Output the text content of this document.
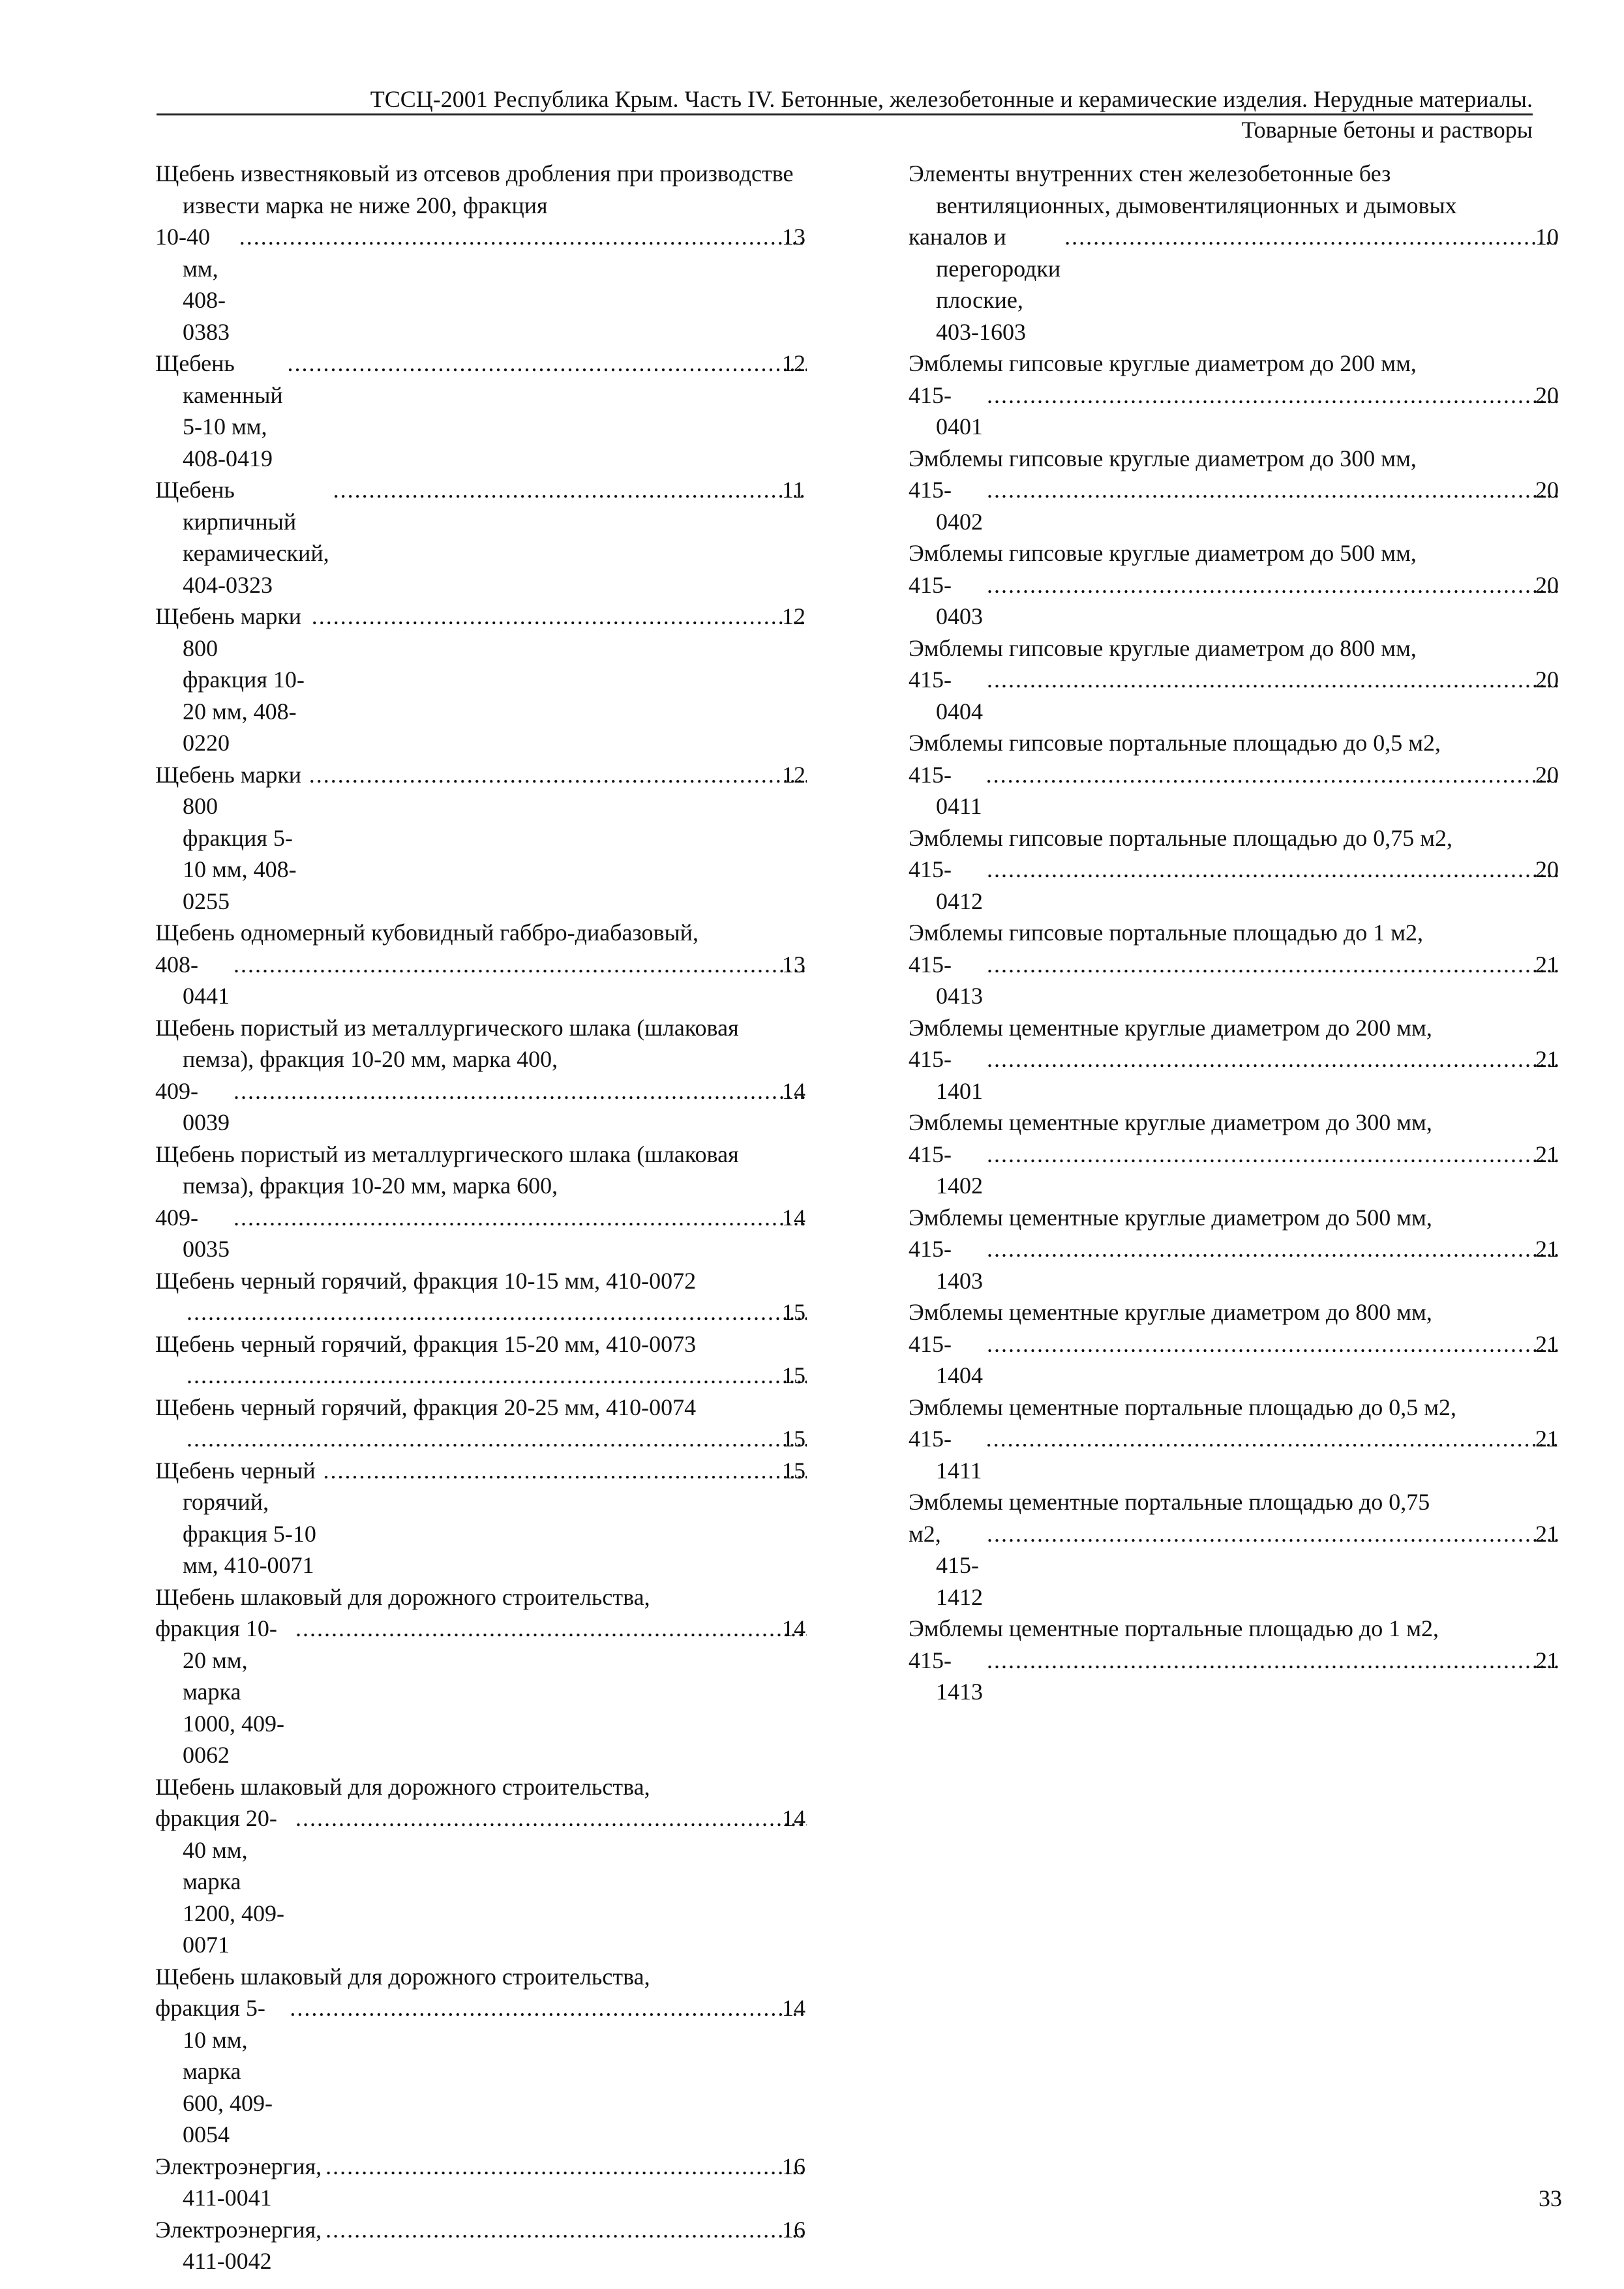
ТССЦ-2001 Республика Крым. Часть IV. Бетонные, железобетонные и керамические изделия. Нерудные материалы.
Товарные бетоны и растворы
Щебень известняковый из отсевов дробления при производстве извести марка не ниже 200, фракция
10-40 мм, 408-0383
.....
13
Щебень каменный 5-10 мм, 408-0419
.....
12
Щебень кирпичный керамический, 404-0323
.....
11
Щебень марки 800 фракция 10-20 мм, 408-0220
.....
12
Щебень марки 800 фракция 5-10 мм, 408-0255
.....
12
Щебень одномерный кубовидный габбро-диабазовый,
408-0441
.....
13
Щебень пористый из металлургического шлака (шлаковая пемза), фракция 10-20 мм, марка 400,
409-0039
.....
14
Щебень пористый из металлургического шлака (шлаковая пемза), фракция 10-20 мм, марка 600,
409-0035
.....
14
Щебень черный горячий, фракция 10-15 мм, 410-0072
.....
15
Щебень черный горячий, фракция 15-20 мм, 410-0073
.....
15
Щебень черный горячий, фракция 20-25 мм, 410-0074
.....
15
Щебень черный горячий, фракция 5-10 мм, 410-0071
.....
15
Щебень шлаковый для дорожного строительства,
фракция 10-20 мм, марка 1000, 409-0062
.....
14
Щебень шлаковый для дорожного строительства,
фракция 20-40 мм, марка 1200, 409-0071
.....
14
Щебень шлаковый для дорожного строительства,
фракция 5-10 мм, марка 600, 409-0054
.....
14
Электроэнергия, 411-0041
.....
16
Электроэнергия, 411-0042
.....
16
Элементы внутренних стен железобетонные без вентиляционных, дымовентиляционных и дымовых
каналов и перегородки плоские, 403-1603
.....
10
Эмблемы гипсовые круглые диаметром до 200 мм,
415-0401
.....
20
Эмблемы гипсовые круглые диаметром до 300 мм,
415-0402
.....
20
Эмблемы гипсовые круглые диаметром до 500 мм,
415-0403
.....
20
Эмблемы гипсовые круглые диаметром до 800 мм,
415-0404
.....
20
Эмблемы гипсовые портальные площадью до 0,5 м2,
415-0411
.....
20
Эмблемы гипсовые портальные площадью до 0,75 м2,
415-0412
.....
20
Эмблемы гипсовые портальные площадью до 1 м2,
415-0413
.....
21
Эмблемы цементные круглые диаметром до 200 мм,
415-1401
.....
21
Эмблемы цементные круглые диаметром до 300 мм,
415-1402
.....
21
Эмблемы цементные круглые диаметром до 500 мм,
415-1403
.....
21
Эмблемы цементные круглые диаметром до 800 мм,
415-1404
.....
21
Эмблемы цементные портальные площадью до 0,5 м2,
415-1411
.....
21
Эмблемы цементные портальные площадью до 0,75
м2, 415-1412
.....
21
Эмблемы цементные портальные площадью до 1 м2,
415-1413
.....
21
33
